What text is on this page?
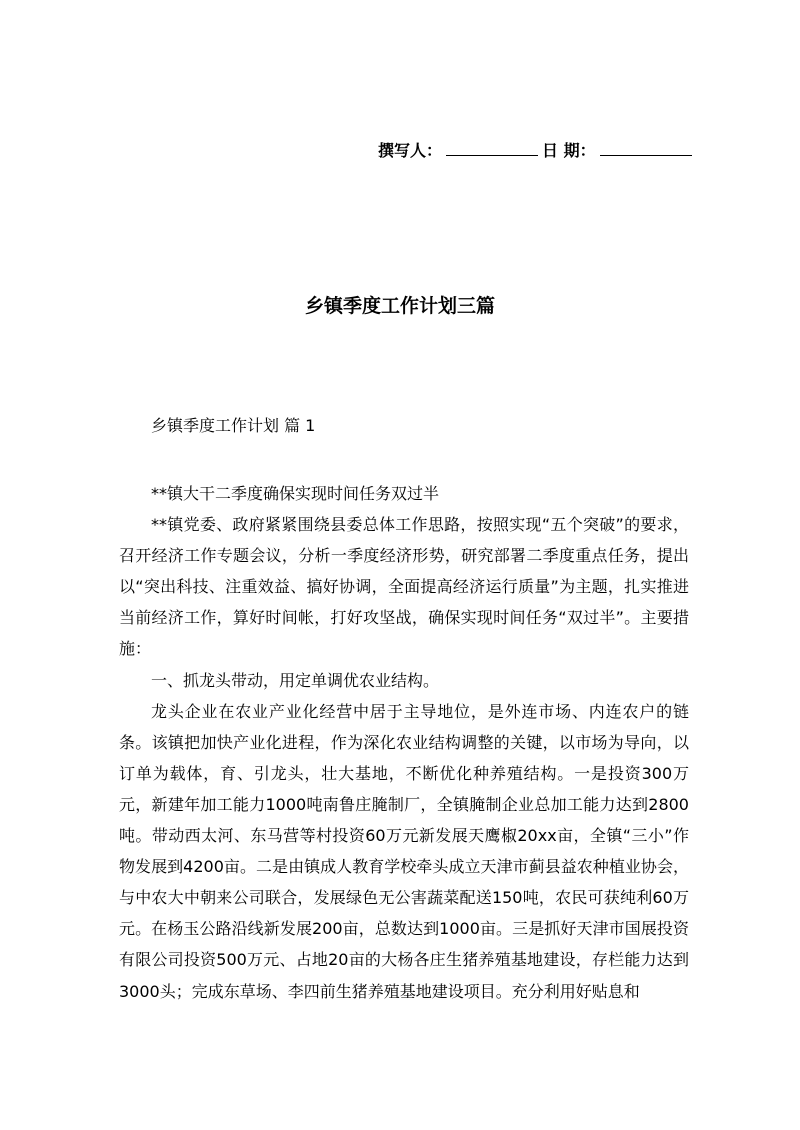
撰写人：	日 期：
乡镇季度工作计划三篇
乡镇季度工作计划 篇 1

**镇大干二季度确保实现时间任务双过半

**镇党委、政府紧紧围绕县委总体工作思路，按照实现“五个突破”的要求，召开经济工作专题会议，分析一季度经济形势，研究部署二季度重点任务，提出以“突出科技、注重效益、搞好协调，全面提高经济运行质量”为主题，扎实推进当前经济工作，算好时间帐，打好攻坚战，确保实现时间任务“双过半”。主要措施：

一、抓龙头带动，用定单调优农业结构。

龙头企业在农业产业化经营中居于主导地位，是外连市场、内连农户的链条。该镇把加快产业化进程，作为深化农业结构调整的关键，以市场为导向，以订单为载体，育、引龙头，壮大基地，不断优化种养殖结构。一是投资300万元，新建年加工能力1000吨南鲁庄腌制厂，全镇腌制企业总加工能力达到2800吨。带动西太河、东马营等村投资60万元新发展天鹰椒20xx亩，全镇“三小”作物发展到4200亩。二是由镇成人教育学校牵头成立天津市蓟县益农种植业协会，与中农大中朝来公司联合，发展绿色无公害蔬菜配送150吨，农民可获纯利60万元。在杨玉公路沿线新发展200亩，总数达到1000亩。三是抓好天津市国展投资有限公司投资500万元、占地20亩的大杨各庄生猪养殖基地建设，存栏能力达到3000头；完成东草场、李四前生猪养殖基地建设项目。充分利用好贴息和
